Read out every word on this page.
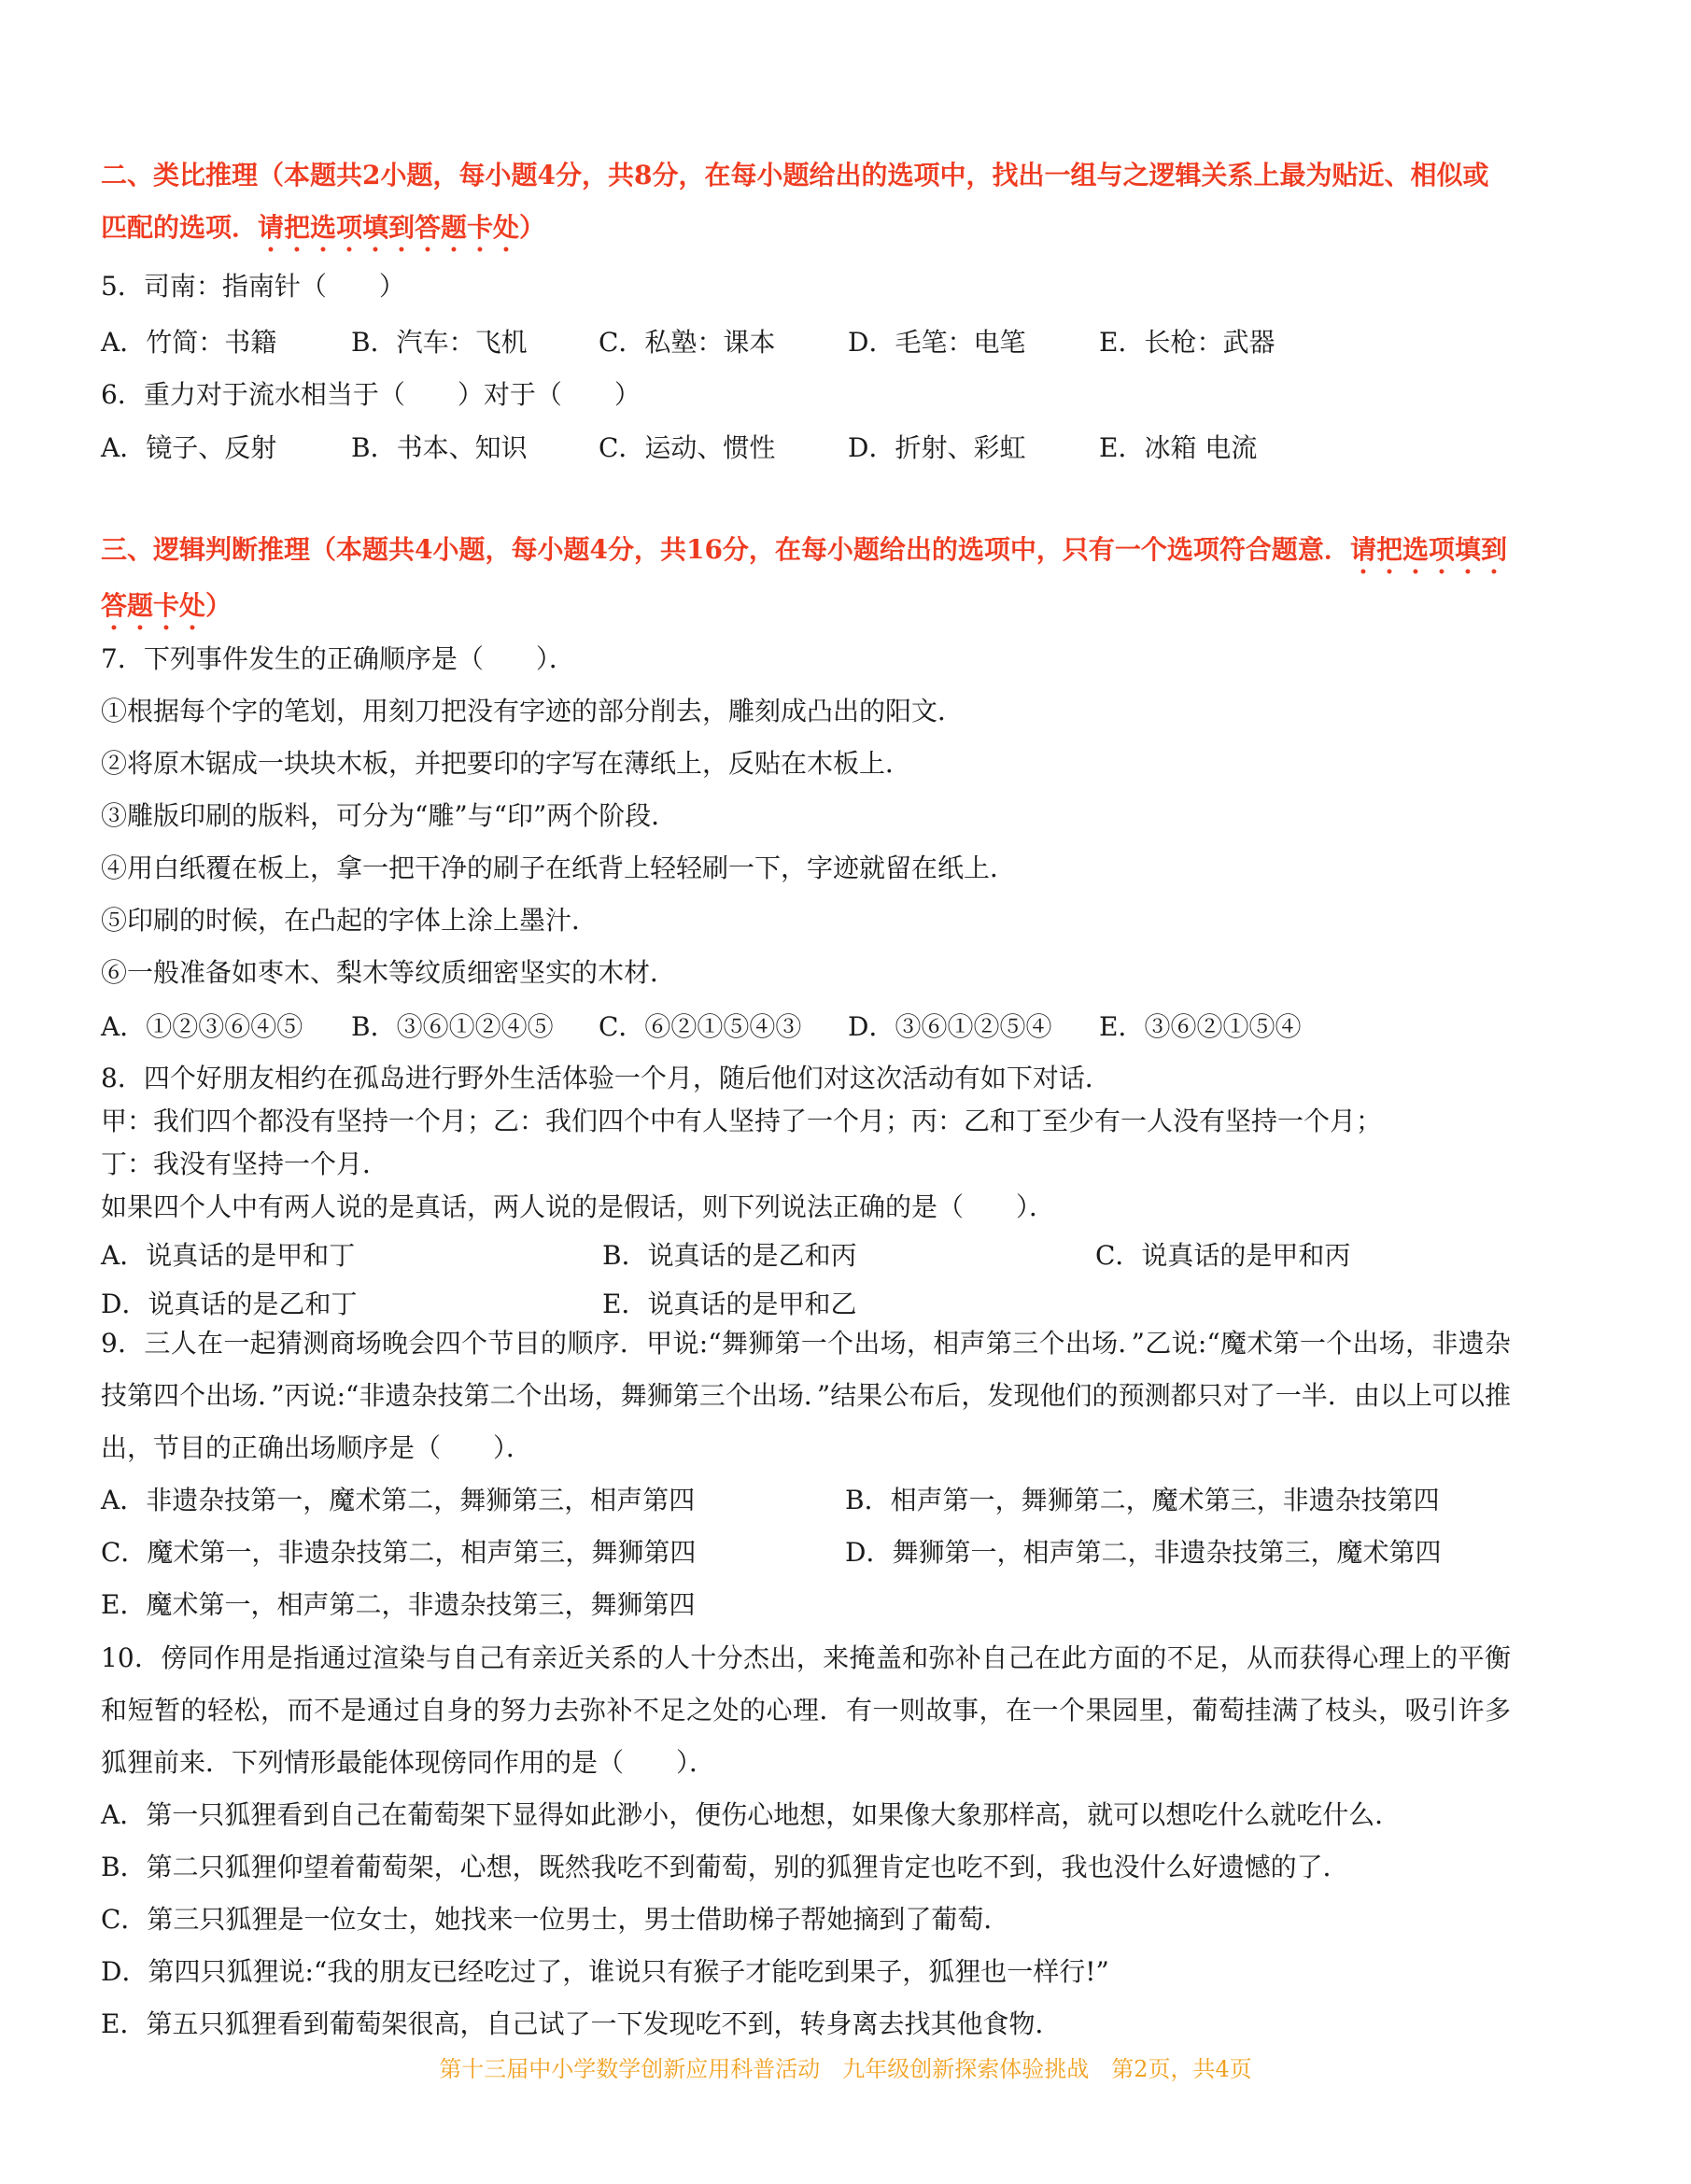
二、类比推理（本题共2小题，每小题4分，共8分，在每小题给出的选项中，找出一组与之逻辑关系上最为贴近、相似或匹配的选项．请把选项填到答题卡处）
5．司南：指南针（　　）
A．竹简：书籍	B．汽车：飞机	C．私塾：课本	D．毛笔：电笔	E．长枪：武器
6．重力对于流水相当于（　　）对于（　　）
A．镜子、反射	B．书本、知识	C．运动、惯性	D．折射、彩虹	E．冰箱 电流
三、逻辑判断推理（本题共4小题，每小题4分，共16分，在每小题给出的选项中，只有一个选项符合题意．请把选项填到答题卡处）
7．下列事件发生的正确顺序是（　　）．
①根据每个字的笔划，用刻刀把没有字迹的部分削去，雕刻成凸出的阳文．
②将原木锯成一块块木板，并把要印的字写在薄纸上，反贴在木板上．
③雕版印刷的版料，可分为“雕”与“印”两个阶段．
④用白纸覆在板上，拿一把干净的刷子在纸背上轻轻刷一下，字迹就留在纸上．
⑤印刷的时候，在凸起的字体上涂上墨汁．
⑥一般准备如枣木、梨木等纹质细密坚实的木材．
A．①②③⑥④⑤ B．③⑥①②④⑤ C．⑥②①⑤④③ D．③⑥①②⑤④ E．③⑥②①⑤④
8．四个好朋友相约在孤岛进行野外生活体验一个月，随后他们对这次活动有如下对话．
甲：我们四个都没有坚持一个月；乙：我们四个中有人坚持了一个月；丙：乙和丁至少有一人没有坚持一个月；
丁：我没有坚持一个月．
如果四个人中有两人说的是真话，两人说的是假话，则下列说法正确的是（　　）．
A．说真话的是甲和丁	B．说真话的是乙和丙	C．说真话的是甲和丙
D．说真话的是乙和丁	E．说真话的是甲和乙
9．三人在一起猜测商场晚会四个节目的顺序．甲说:“舞狮第一个出场，相声第三个出场．”乙说:“魔术第一个出场，非遗杂技第四个出场．”丙说:“非遗杂技第二个出场，舞狮第三个出场．”结果公布后，发现他们的预测都只对了一半．由以上可以推出，节目的正确出场顺序是（　　）．
A．非遗杂技第一，魔术第二，舞狮第三，相声第四	B．相声第一，舞狮第二，魔术第三，非遗杂技第四
C．魔术第一，非遗杂技第二，相声第三，舞狮第四	D．舞狮第一，相声第二，非遗杂技第三，魔术第四
E．魔术第一，相声第二，非遗杂技第三，舞狮第四
10．傍同作用是指通过渲染与自己有亲近关系的人十分杰出，来掩盖和弥补自己在此方面的不足，从而获得心理上的平衡和短暂的轻松，而不是通过自身的努力去弥补不足之处的心理．有一则故事，在一个果园里，葡萄挂满了枝头，吸引许多狐狸前来．下列情形最能体现傍同作用的是（　　）．
A．第一只狐狸看到自己在葡萄架下显得如此渺小，便伤心地想，如果像大象那样高，就可以想吃什么就吃什么．
B．第二只狐狸仰望着葡萄架，心想，既然我吃不到葡萄，别的狐狸肯定也吃不到，我也没什么好遗憾的了．
C．第三只狐狸是一位女士，她找来一位男士，男士借助梯子帮她摘到了葡萄．
D．第四只狐狸说:“我的朋友已经吃过了，谁说只有猴子才能吃到果子，狐狸也一样行!”
E．第五只狐狸看到葡萄架很高，自己试了一下发现吃不到，转身离去找其他食物．
第十三届中小学数学创新应用科普活动　九年级创新探索体验挑战　第2页，共4页
